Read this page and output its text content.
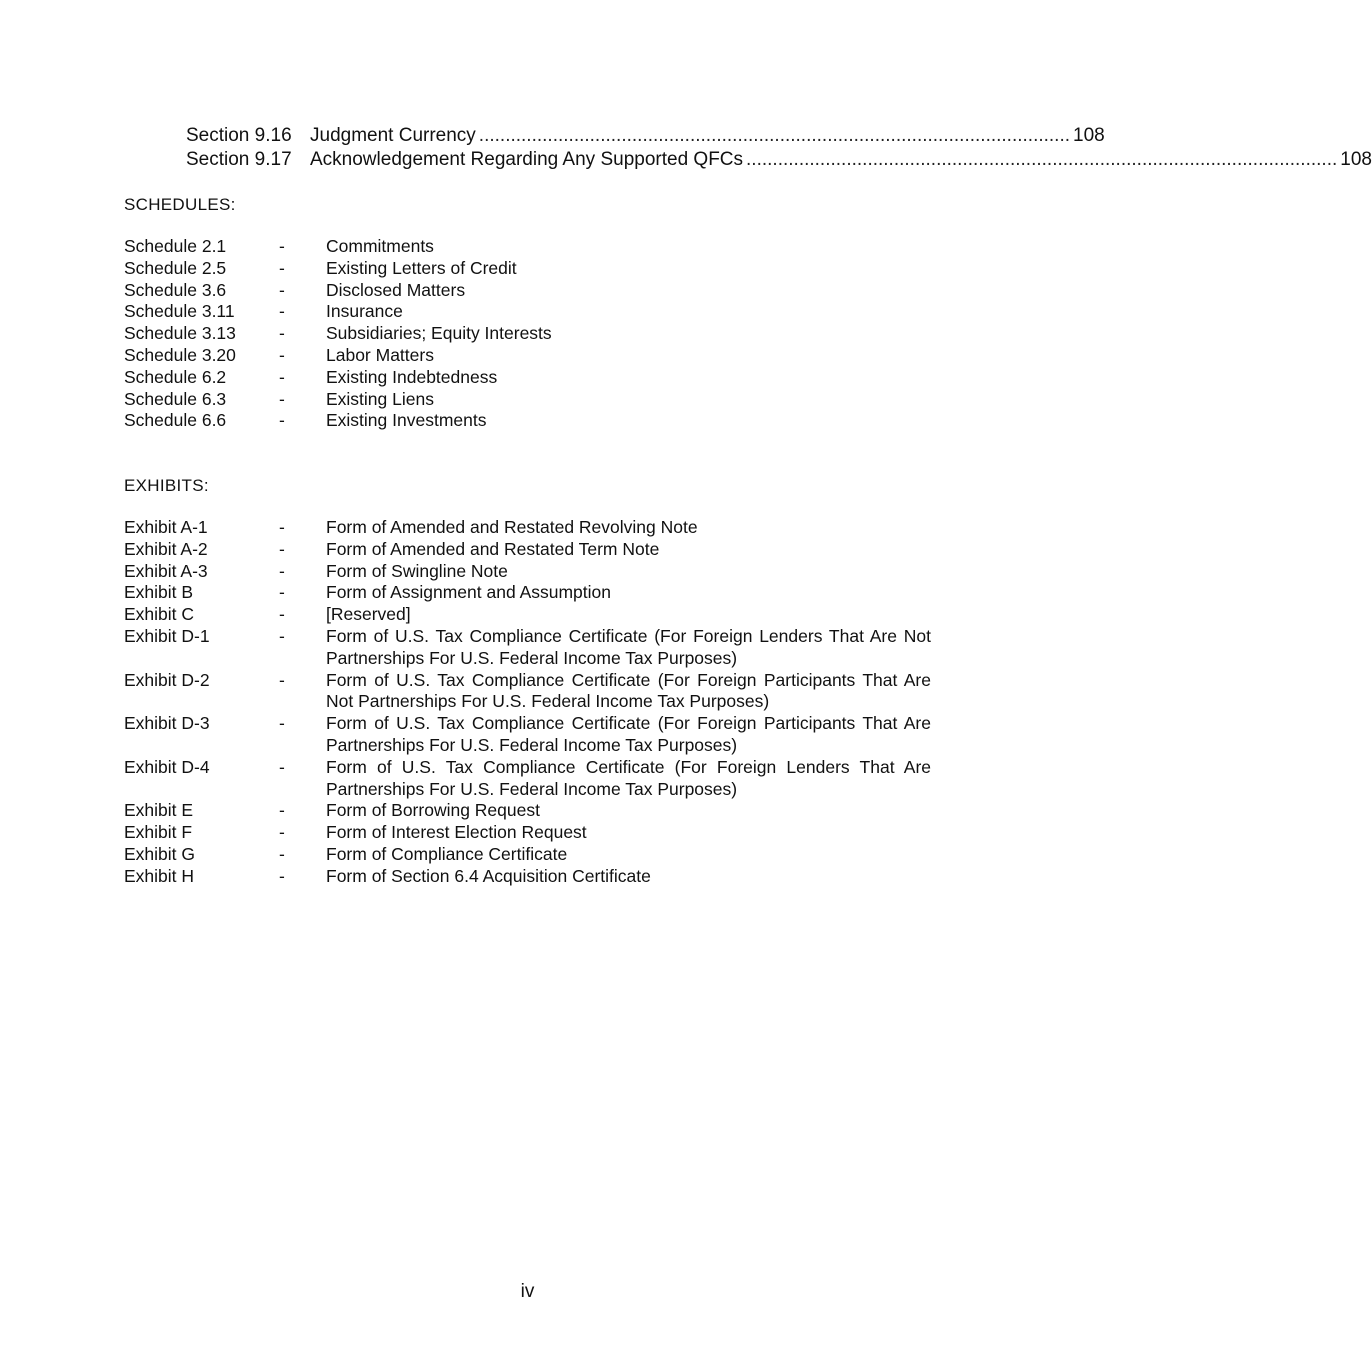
Section 9.16 Judgment Currency ................................................................................................................ 108
Section 9.17 Acknowledgement Regarding Any Supported QFCs ................................................................................................................ 108
SCHEDULES:
Schedule 2.1	-	Commitments
Schedule 2.5	-	Existing Letters of Credit
Schedule 3.6	-	Disclosed Matters
Schedule 3.11	-	Insurance
Schedule 3.13	-	Subsidiaries; Equity Interests
Schedule 3.20	-	Labor Matters
Schedule 6.2	-	Existing Indebtedness
Schedule 6.3	-	Existing Liens
Schedule 6.6	-	Existing Investments
EXHIBITS:
Exhibit A-1	-	Form of Amended and Restated Revolving Note
Exhibit A-2	-	Form of Amended and Restated Term Note
Exhibit A-3	-	Form of Swingline Note
Exhibit B	-	Form of Assignment and Assumption
Exhibit C	-	[Reserved]
Exhibit D-1	-	Form of U.S. Tax Compliance Certificate (For Foreign Lenders That Are Not Partnerships For U.S. Federal Income Tax Purposes)
Exhibit D-2	-	Form of U.S. Tax Compliance Certificate (For Foreign Participants That Are Not Partnerships For U.S. Federal Income Tax Purposes)
Exhibit D-3	-	Form of U.S. Tax Compliance Certificate (For Foreign Participants That Are Partnerships For U.S. Federal Income Tax Purposes)
Exhibit D-4	-	Form of U.S. Tax Compliance Certificate (For Foreign Lenders That Are Partnerships For U.S. Federal Income Tax Purposes)
Exhibit E	-	Form of Borrowing Request
Exhibit F	-	Form of Interest Election Request
Exhibit G	-	Form of Compliance Certificate
Exhibit H	-	Form of Section 6.4 Acquisition Certificate
iv
